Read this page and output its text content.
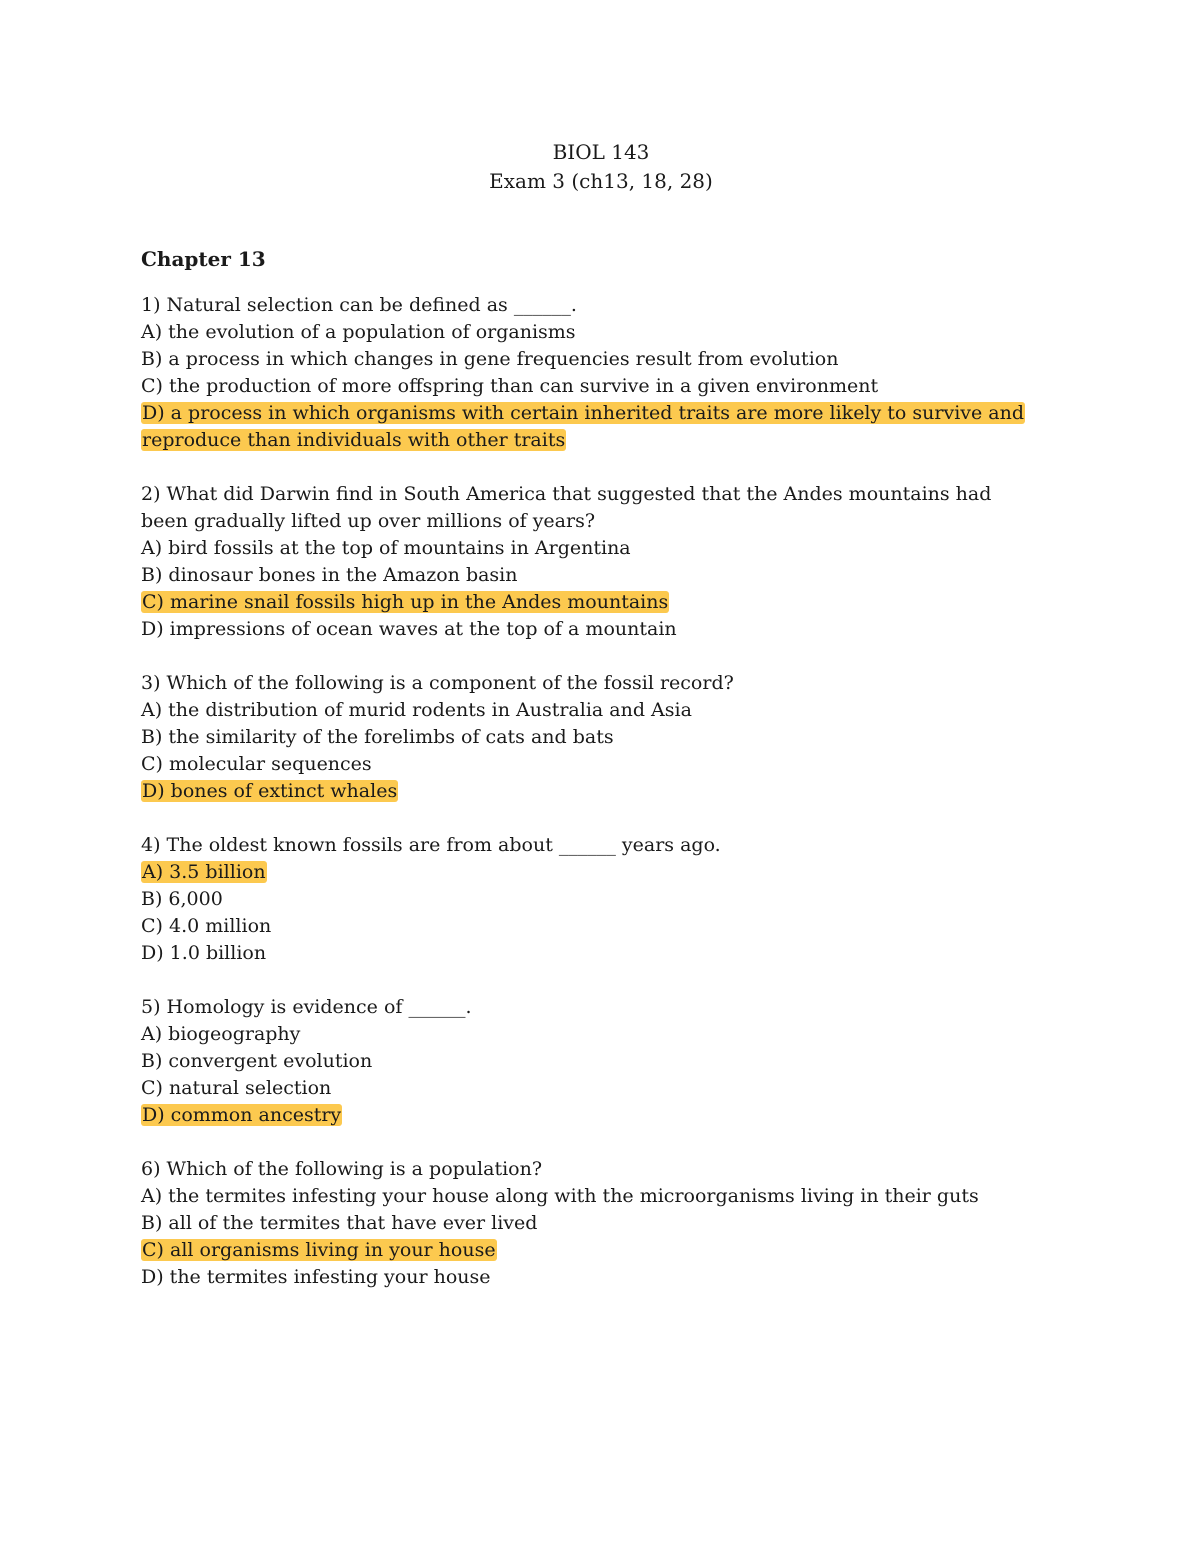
BIOL 143
Exam 3 (ch13, 18, 28)
Chapter 13
1) Natural selection can be defined as ______.
A) the evolution of a population of organisms
B) a process in which changes in gene frequencies result from evolution
C) the production of more offspring than can survive in a given environment
D) a process in which organisms with certain inherited traits are more likely to survive and reproduce than individuals with other traits
2) What did Darwin find in South America that suggested that the Andes mountains had been gradually lifted up over millions of years?
A) bird fossils at the top of mountains in Argentina
B) dinosaur bones in the Amazon basin
C) marine snail fossils high up in the Andes mountains
D) impressions of ocean waves at the top of a mountain
3) Which of the following is a component of the fossil record?
A) the distribution of murid rodents in Australia and Asia
B) the similarity of the forelimbs of cats and bats
C) molecular sequences
D) bones of extinct whales
4) The oldest known fossils are from about ______ years ago.
A) 3.5 billion
B) 6,000
C) 4.0 million
D) 1.0 billion
5) Homology is evidence of ______.
A) biogeography
B) convergent evolution
C) natural selection
D) common ancestry
6) Which of the following is a population?
A) the termites infesting your house along with the microorganisms living in their guts
B) all of the termites that have ever lived
C) all organisms living in your house
D) the termites infesting your house
